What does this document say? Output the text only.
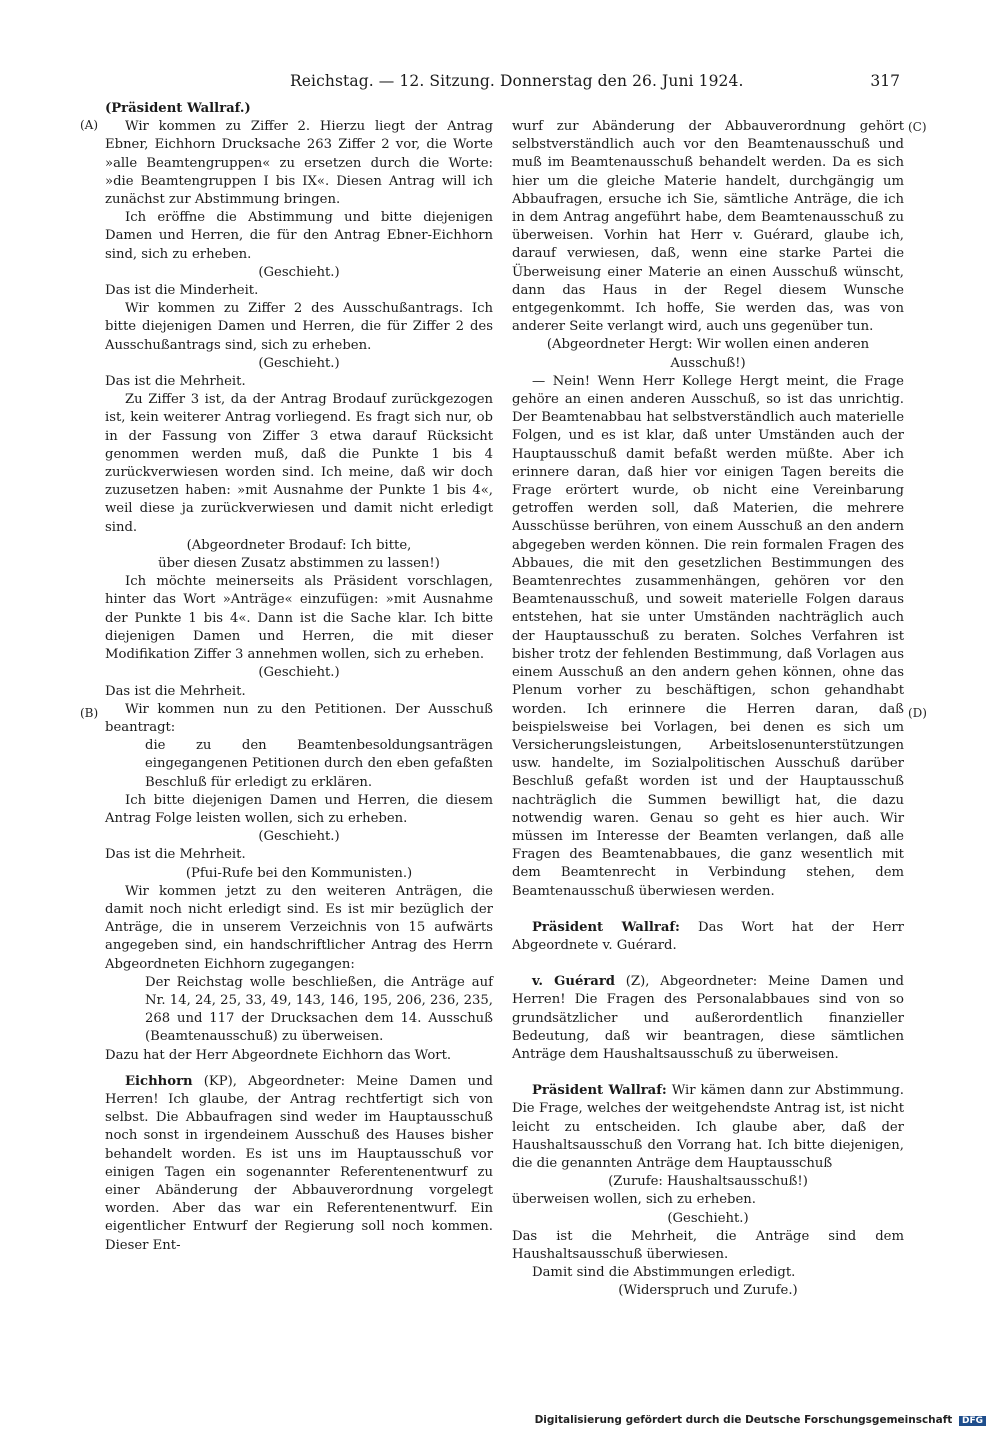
Reichstag. — 12. Sitzung. Donnerstag den 26. Juni 1924.	317
(A)
(B)
(C)
(D)

(Präsident Wallraf.)

Wir kommen zu Ziffer 2. Hierzu liegt der Antrag Ebner, Eichhorn Drucksache 263 Ziffer 2 vor, die Worte »alle Beamtengruppen« zu ersetzen durch die Worte: »die Beamtengruppen I bis IX«. Diesen Antrag will ich zunächst zur Abstimmung bringen.

Ich eröffne die Abstimmung und bitte diejenigen Damen und Herren, die für den Antrag Ebner-Eichhorn sind, sich zu erheben.

(Geschieht.)

Das ist die Minderheit.

Wir kommen zu Ziffer 2 des Ausschußantrags. Ich bitte diejenigen Damen und Herren, die für Ziffer 2 des Ausschußantrags sind, sich zu erheben.

(Geschieht.)

Das ist die Mehrheit.

Zu Ziffer 3 ist, da der Antrag Brodauf zurückgezogen ist, kein weiterer Antrag vorliegend. Es fragt sich nur, ob in der Fassung von Ziffer 3 etwa darauf Rücksicht genommen werden muß, daß die Punkte 1 bis 4 zurückverwiesen worden sind. Ich meine, daß wir doch zuzusetzen haben: »mit Ausnahme der Punkte 1 bis 4«, weil diese ja zurückverwiesen und damit nicht erledigt sind.

(Abgeordneter Brodauf: Ich bitte,

über diesen Zusatz abstimmen zu lassen!)

Ich möchte meinerseits als Präsident vorschlagen, hinter das Wort »Anträge« einzufügen: »mit Ausnahme der Punkte 1 bis 4«. Dann ist die Sache klar. Ich bitte diejenigen Damen und Herren, die mit dieser Modifikation Ziffer 3 annehmen wollen, sich zu erheben.

(Geschieht.)

Das ist die Mehrheit.

Wir kommen nun zu den Petitionen. Der Ausschuß beantragt:

die zu den Beamtenbesoldungsanträgen eingegangenen Petitionen durch den eben gefaßten Beschluß für erledigt zu erklären.

Ich bitte diejenigen Damen und Herren, die diesem Antrag Folge leisten wollen, sich zu erheben.

(Geschieht.)

Das ist die Mehrheit.

(Pfui-Rufe bei den Kommunisten.)

Wir kommen jetzt zu den weiteren Anträgen, die damit noch nicht erledigt sind. Es ist mir bezüglich der Anträge, die in unserem Verzeichnis von 15 aufwärts angegeben sind, ein handschriftlicher Antrag des Herrn Abgeordneten Eichhorn zugegangen:

Der Reichstag wolle beschließen, die Anträge auf Nr. 14, 24, 25, 33, 49, 143, 146, 195, 206, 236, 235, 268 und 117 der Drucksachen dem 14. Ausschuß (Beamtenausschuß) zu überweisen.

Dazu hat der Herr Abgeordnete Eichhorn das Wort.

Eichhorn (KP), Abgeordneter: Meine Damen und Herren! Ich glaube, der Antrag rechtfertigt sich von selbst. Die Abbaufragen sind weder im Hauptausschuß noch sonst in irgendeinem Ausschuß des Hauses bisher behandelt worden. Es ist uns im Hauptausschuß vor einigen Tagen ein sogenannter Referentenentwurf zu einer Abänderung der Abbauverordnung vorgelegt worden. Aber das war ein Referentenentwurf. Ein eigentlicher Entwurf der Regierung soll noch kommen. Dieser Ent-

wurf zur Abänderung der Abbauverordnung gehört selbstverständlich auch vor den Beamtenausschuß und muß im Beamtenausschuß behandelt werden. Da es sich hier um die gleiche Materie handelt, durchgängig um Abbaufragen, ersuche ich Sie, sämtliche Anträge, die ich in dem Antrag angeführt habe, dem Beamtenausschuß zu überweisen. Vorhin hat Herr v. Guérard, glaube ich, darauf verwiesen, daß, wenn eine starke Partei die Überweisung einer Materie an einen Ausschuß wünscht, dann das Haus in der Regel diesem Wunsche entgegenkommt. Ich hoffe, Sie werden das, was von anderer Seite verlangt wird, auch uns gegenüber tun.

(Abgeordneter Hergt: Wir wollen einen anderen

Ausschuß!)

— Nein! Wenn Herr Kollege Hergt meint, die Frage gehöre an einen anderen Ausschuß, so ist das unrichtig. Der Beamtenabbau hat selbstverständlich auch materielle Folgen, und es ist klar, daß unter Umständen auch der Hauptausschuß damit befaßt werden müßte. Aber ich erinnere daran, daß hier vor einigen Tagen bereits die Frage erörtert wurde, ob nicht eine Vereinbarung getroffen werden soll, daß Materien, die mehrere Ausschüsse berühren, von einem Ausschuß an den andern abgegeben werden können. Die rein formalen Fragen des Abbaues, die mit den gesetzlichen Bestimmungen des Beamtenrechtes zusammenhängen, gehören vor den Beamtenausschuß, und soweit materielle Folgen daraus entstehen, hat sie unter Umständen nachträglich auch der Hauptausschuß zu beraten. Solches Verfahren ist bisher trotz der fehlenden Bestimmung, daß Vorlagen aus einem Ausschuß an den andern gehen können, ohne das Plenum vorher zu beschäftigen, schon gehandhabt worden. Ich erinnere die Herren daran, daß beispielsweise bei Vorlagen, bei denen es sich um Versicherungsleistungen, Arbeitslosenunterstützungen usw. handelte, im Sozialpolitischen Ausschuß darüber Beschluß gefaßt worden ist und der Hauptausschuß nachträglich die Summen bewilligt hat, die dazu notwendig waren. Genau so geht es hier auch. Wir müssen im Interesse der Beamten verlangen, daß alle Fragen des Beamtenabbaues, die ganz wesentlich mit dem Beamtenrecht in Verbindung stehen, dem Beamtenausschuß überwiesen werden.

Präsident Wallraf: Das Wort hat der Herr Abgeordnete v. Guérard.

v. Guérard (Z), Abgeordneter: Meine Damen und Herren! Die Fragen des Personalabbaues sind von so grundsätzlicher und außerordentlich finanzieller Bedeutung, daß wir beantragen, diese sämtlichen Anträge dem Haushaltsausschuß zu überweisen.

Präsident Wallraf: Wir kämen dann zur Abstimmung. Die Frage, welches der weitgehendste Antrag ist, ist nicht leicht zu entscheiden. Ich glaube aber, daß der Haushaltsausschuß den Vorrang hat. Ich bitte diejenigen, die die genannten Anträge dem Hauptausschuß

(Zurufe: Haushaltsausschuß!)

überweisen wollen, sich zu erheben.

(Geschieht.)

Das ist die Mehrheit, die Anträge sind dem Haushaltsausschuß überwiesen.

Damit sind die Abstimmungen erledigt.

(Widerspruch und Zurufe.)

Digitalisierung gefördert durch die Deutsche Forschungsgemeinschaft DFG
